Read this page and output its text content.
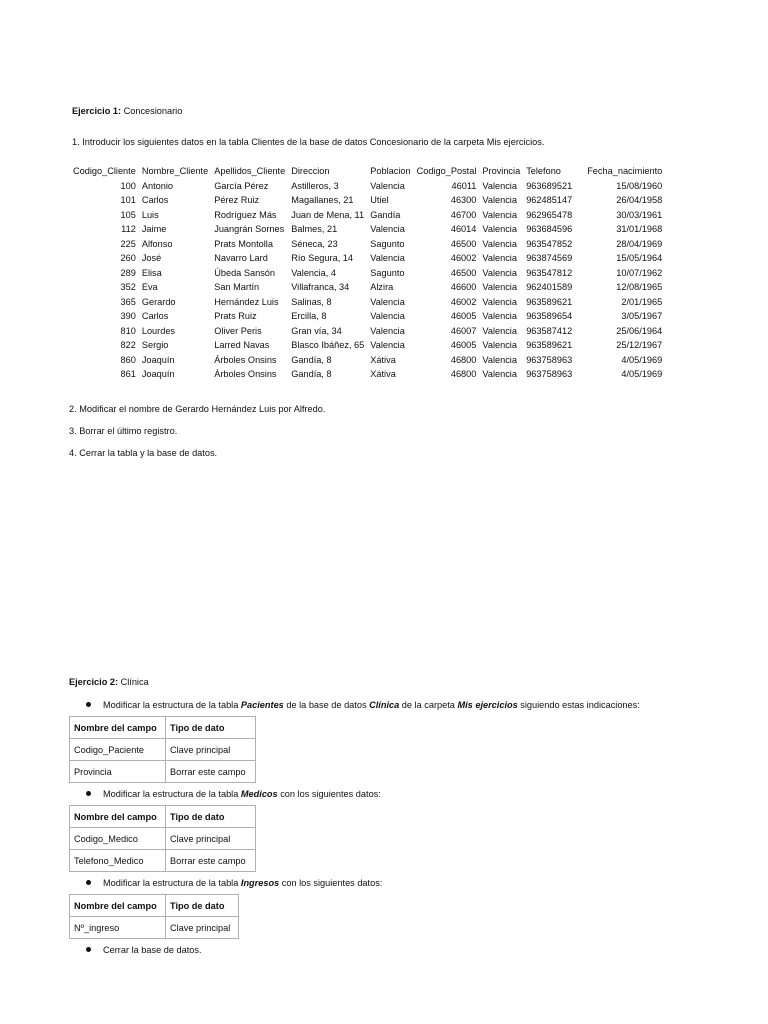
Ejercicio 1: Concesionario
1. Introducir los siguientes datos en la tabla Clientes de la base de datos Concesionario de la carpeta Mis ejercicios.
Codigo_Cliente	Nombre_Cliente	Apellidos_Cliente	Direccion	Poblacion	Codigo_Postal	Provincia	Telefono	Fecha_nacimiento
100	Antonio	García Pérez	Astilleros, 3	Valencia	46011	Valencia	963689521	15/08/1960
101	Carlos	Pérez Ruiz	Magallanes, 21	Utiel	46300	Valencia	962485147	26/04/1958
105	Luis	Rodríguez Más	Juan de Mena, 11	Gandía	46700	Valencia	962965478	30/03/1961
112	Jaime	Juangrán Sornes	Balmes, 21	Valencia	46014	Valencia	963684596	31/01/1968
225	Alfonso	Prats Montolla	Séneca, 23	Sagunto	46500	Valencia	963547852	28/04/1969
260	José	Navarro Lard	Río Segura, 14	Valencia	46002	Valencia	963874569	15/05/1964
289	Elisa	Úbeda Sansón	Valencia, 4	Sagunto	46500	Valencia	963547812	10/07/1962
352	Eva	San Martín	Villafranca, 34	Alzira	46600	Valencia	962401589	12/08/1965
365	Gerardo	Hernández Luis	Salinas, 8	Valencia	46002	Valencia	963589621	2/01/1965
390	Carlos	Prats Ruiz	Ercilla, 8	Valencia	46005	Valencia	963589654	3/05/1967
810	Lourdes	Oliver Peris	Gran vía, 34	Valencia	46007	Valencia	963587412	25/06/1964
822	Sergio	Larred Navas	Blasco Ibáñez, 65	Valencia	46005	Valencia	963589621	25/12/1967
860	Joaquín	Árboles Onsins	Gandía, 8	Xátiva	46800	Valencia	963758963	4/05/1969
861	Joaquín	Árboles Onsins	Gandía, 8	Xátiva	46800	Valencia	963758963	4/05/1969
2. Modificar el nombre de Gerardo Hernández Luis por Alfredo.
3. Borrar el último registro.
4. Cerrar la tabla y la base de datos.
Ejercicio 2: Clínica
Modificar la estructura de la tabla Pacientes de la base de datos Clínica de la carpeta Mis ejercicios siguiendo estas indicaciones:
Nombre del campo	Tipo de dato
Codigo_Paciente	Clave principal
Provincia	Borrar este campo
Modificar la estructura de la tabla Medicos con los siguientes datos:
Nombre del campo	Tipo de dato
Codigo_Medico	Clave principal
Telefono_Medico	Borrar este campo
Modificar la estructura de la tabla Ingresos con los siguientes datos:
Nombre del campo	Tipo de dato
Nº_ingreso	Clave principal
Cerrar la base de datos.
